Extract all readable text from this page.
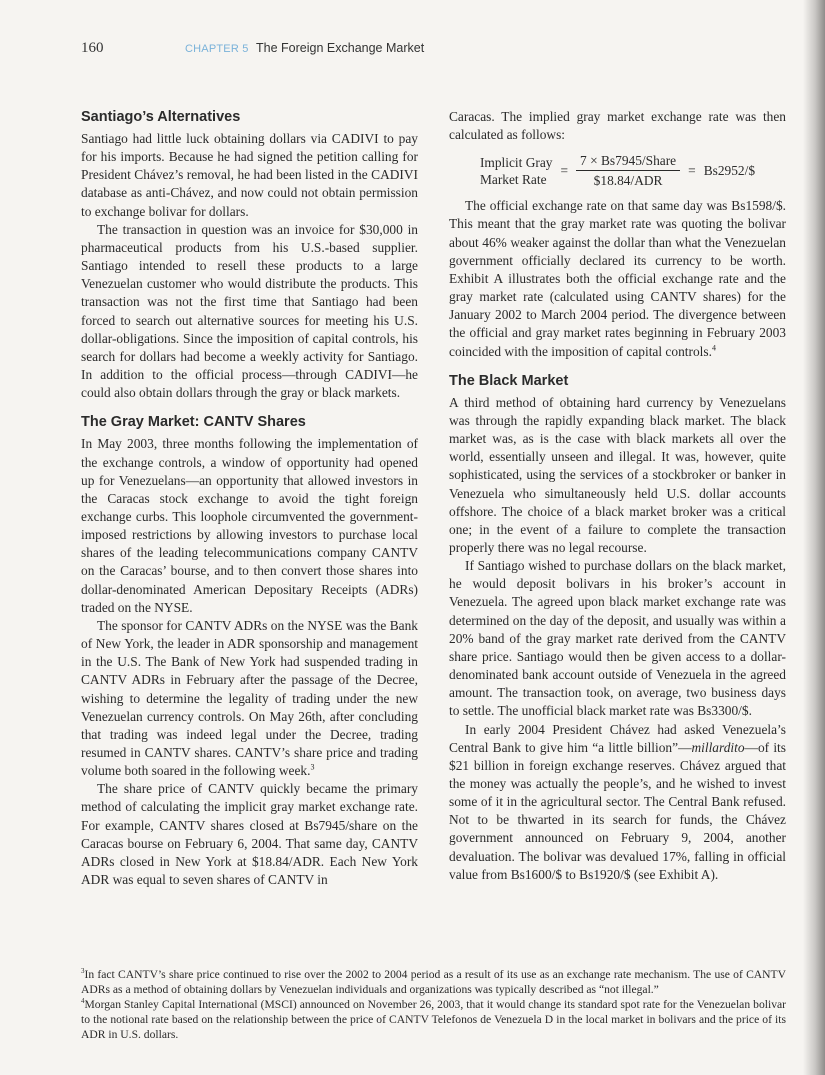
160	CHAPTER 5 The Foreign Exchange Market
Santiago’s Alternatives

Santiago had little luck obtaining dollars via CADIVI to pay for his imports. Because he had signed the petition calling for President Chávez’s removal, he had been listed in the CADIVI database as anti-Chávez, and now could not obtain permission to exchange bolivar for dollars.

The transaction in question was an invoice for $30,000 in pharmaceutical products from his U.S.-based supplier. Santiago intended to resell these products to a large Venezuelan customer who would distribute the products. This transaction was not the first time that Santiago had been forced to search out alternative sources for meeting his U.S. dollar-obligations. Since the imposition of capital controls, his search for dollars had become a weekly activity for Santiago. In addition to the official process—through CADIVI—he could also obtain dollars through the gray or black markets.

The Gray Market: CANTV Shares

In May 2003, three months following the implementation of the exchange controls, a window of opportunity had opened up for Venezuelans—an opportunity that allowed investors in the Caracas stock exchange to avoid the tight foreign exchange curbs. This loophole circumvented the government-imposed restrictions by allowing investors to purchase local shares of the leading telecommunications company CANTV on the Caracas’ bourse, and to then convert those shares into dollar-denominated American Depositary Receipts (ADRs) traded on the NYSE.

The sponsor for CANTV ADRs on the NYSE was the Bank of New York, the leader in ADR sponsorship and management in the U.S. The Bank of New York had suspended trading in CANTV ADRs in February after the passage of the Decree, wishing to determine the legality of trading under the new Venezuelan currency controls. On May 26th, after concluding that trading was indeed legal under the Decree, trading resumed in CANTV shares. CANTV’s share price and trading volume both soared in the following week.$^3$

The share price of CANTV quickly became the primary method of calculating the implicit gray market exchange rate. For example, CANTV shares closed at Bs7945/share on the Caracas bourse on February 6, 2004. That same day, CANTV ADRs closed in New York at $18.84/ADR. Each New York ADR was equal to seven shares of CANTV in

Caracas. The implied gray market exchange rate was then calculated as follows:

Implicit Gray
Market Rate
= $\frac{\text{7 × Bs7945/Share}}{\text{\$18.84/ADR}}$ = Bs2952/$

The official exchange rate on that same day was Bs1598/$. This meant that the gray market rate was quoting the bolivar about 46% weaker against the dollar than what the Venezuelan government officially declared its currency to be worth. Exhibit A illustrates both the official exchange rate and the gray market rate (calculated using CANTV shares) for the January 2002 to March 2004 period. The divergence between the official and gray market rates beginning in February 2003 coincided with the imposition of capital controls.$^4$

The Black Market

A third method of obtaining hard currency by Venezuelans was through the rapidly expanding black market. The black market was, as is the case with black markets all over the world, essentially unseen and illegal. It was, however, quite sophisticated, using the services of a stockbroker or banker in Venezuela who simultaneously held U.S. dollar accounts offshore. The choice of a black market broker was a critical one; in the event of a failure to complete the transaction properly there was no legal recourse.

If Santiago wished to purchase dollars on the black market, he would deposit bolivars in his broker’s account in Venezuela. The agreed upon black market exchange rate was determined on the day of the deposit, and usually was within a 20% band of the gray market rate derived from the CANTV share price. Santiago would then be given access to a dollar-denominated bank account outside of Venezuela in the agreed amount. The transaction took, on average, two business days to settle. The unofficial black market rate was Bs3300/$.

In early 2004 President Chávez had asked Venezuela’s Central Bank to give him “a little billion”—millardito—of its $21 billion in foreign exchange reserves. Chávez argued that the money was actually the people’s, and he wished to invest some of it in the agricultural sector. The Central Bank refused. Not to be thwarted in its search for funds, the Chávez government announced on February 9, 2004, another devaluation. The bolivar was devalued 17%, falling in official value from Bs1600/$ to Bs1920/$ (see Exhibit A).

$^3$In fact CANTV’s share price continued to rise over the 2002 to 2004 period as a result of its use as an exchange rate mechanism. The use of CANTV ADRs as a method of obtaining dollars by Venezuelan individuals and organizations was typically described as “not illegal.”

$^4$Morgan Stanley Capital International (MSCI) announced on November 26, 2003, that it would change its standard spot rate for the Venezuelan bolivar to the notional rate based on the relationship between the price of CANTV Telefonos de Venezuela D in the local market in bolivars and the price of its ADR in U.S. dollars.
